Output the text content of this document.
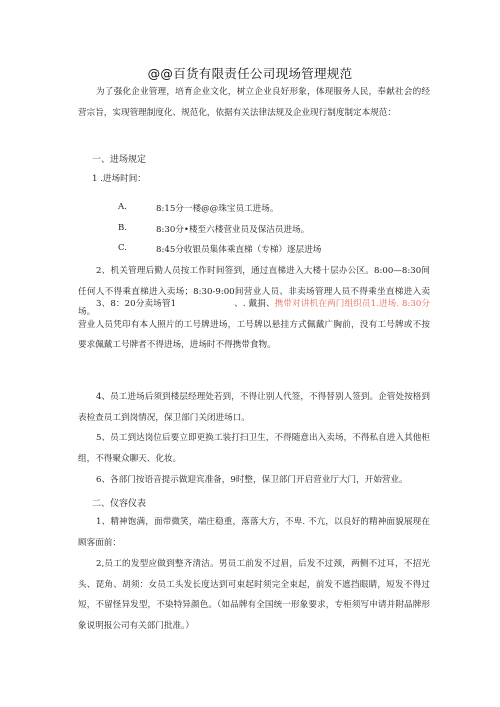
@@百货有限责任公司现场管理规范
为了强化企业管理，培育企业文化，树立企业良好形象，体现服务人民，奉献社会的经营宗旨，实现管理制度化、规范化，依据有关法律法规及企业现行制度制定本规范：
一、进场规定
1 .进场时间：
A.	8:15分一楼@@珠宝员工进场。
B.	8:30分•楼至六楼营业员及保洁员进场。
C.	8:45分收银员集体乘直梯（专梯）逐层进场
2、机关管理后勤人员按工作时间签到，通过直梯进入大楼十层办公区。8:00—8:30间任何人不得乘直梯进入卖场；8:30-9:00间营业人员、非卖场管理人员不得乘坐直梯进入卖场。
3、8：20分卖场管1	、. 戴捐、携带对讲机在两门组织员1.进场. 8:30分营业人员凭印有本人照片的工号牌进场，工号牌以悬挂方式佩戴广胸前，没有工号牌或不按要求佩戴工号牌者不得进场，进场时不得携带食物。
4、员工进场后须到楼层经理处若到，不得让别人代签，不得替别人签到。企管处按格到表检查员工到岗情况，保卫部门关闭进场口。
5、员工到达岗位后要立即更换工装打扫卫生，不得随意出入卖场，不得私自进入其他柜组，不得聚众聊天、化妆。
6、各部门按语音提示做迎宾准备，9时整，保卫部门开启营业厅大门，开始营业。
二、仪容仪表
1、精神饱满，面带微笑，端庄稳重，落落大方，不卑. 不亢，以良好的精神面貌展现在顾客面前：
2,员工的发型应做到整齐清洁。男员工前发不过眉，后发不过颈，两侧不过耳，不招光头、琵角、胡须：女员工头发长度达到可束起时须完全束起，前发不遮挡眼睛，短发不得过短，不留怪异发型，不染特异颜色。（如品牌有全国统一形象要求，专柜须写申请并附品牌形象说明报公司有关部门批准。）
